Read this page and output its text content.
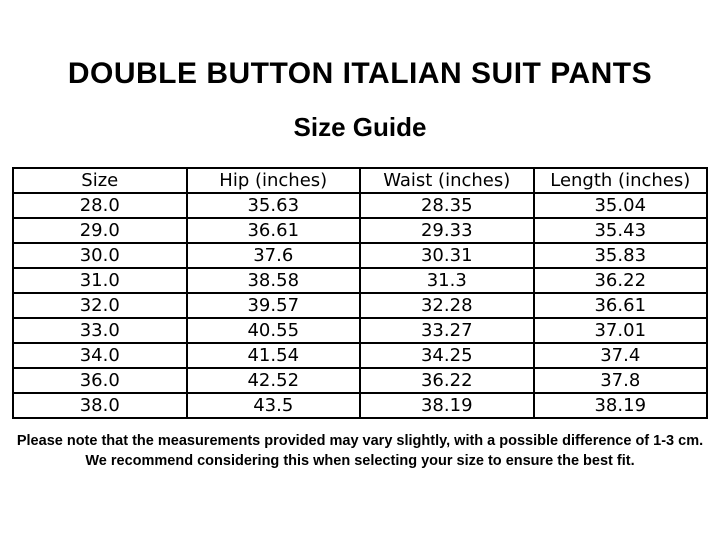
DOUBLE BUTTON ITALIAN SUIT PANTS
Size Guide
Size	Hip (inches)	Waist (inches)	Length (inches)
28.0	35.63	28.35	35.04
29.0	36.61	29.33	35.43
30.0	37.6	30.31	35.83
31.0	38.58	31.3	36.22
32.0	39.57	32.28	36.61
33.0	40.55	33.27	37.01
34.0	41.54	34.25	37.4
36.0	42.52	36.22	37.8
38.0	43.5	38.19	38.19

Please note that the measurements provided may vary slightly, with a possible difference of 1-3 cm.

We recommend considering this when selecting your size to ensure the best fit.
